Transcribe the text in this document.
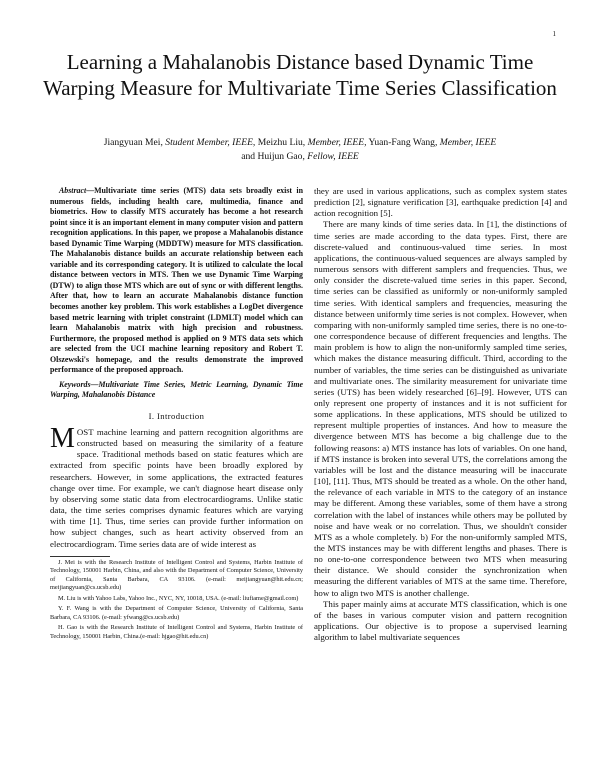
1
Learning a Mahalanobis Distance based Dynamic Time Warping Measure for Multivariate Time Series Classification
Jiangyuan Mei, Student Member, IEEE, Meizhu Liu, Member, IEEE, Yuan-Fang Wang, Member, IEEE
and Huijun Gao, Fellow, IEEE

Abstract—Multivariate time series (MTS) data sets broadly exist in numerous fields, including health care, multimedia, finance and biometrics. How to classify MTS accurately has become a hot research point since it is an important element in many computer vision and pattern recognition applications. In this paper, we propose a Mahalanobis distance based Dynamic Time Warping (MDDTW) measure for MTS classification. The Mahalanobis distance builds an accurate relationship between each variable and its corresponding category. It is utilized to calculate the local distance between vectors in MTS. Then we use Dynamic Time Warping (DTW) to align those MTS which are out of sync or with different lengths. After that, how to learn an accurate Mahalanobis distance function becomes another key problem. This work establishes a LogDet divergence based metric learning with triplet constraint (LDMLT) model which can learn Mahalanobis matrix with high precision and robustness. Furthermore, the proposed method is applied on 9 MTS data sets which are selected from the UCI machine learning repository and Robert T. Olszewski's homepage, and the results demonstrate the improved performance of the proposed approach.

Keywords—Multivariate Time Series, Metric Learning, Dynamic Time Warping, Mahalanobis Distance

I. Introduction

MOST machine learning and pattern recognition algorithms are constructed based on measuring the similarity of a feature space. Traditional methods based on static features which are extracted from specific points have been broadly explored by researchers. However, in some applications, the extracted features change over time. For example, we can't diagnose heart disease only by observing some static data from electrocardiograms. Unlike static data, the time series comprises dynamic features which are varying with time [1]. Thus, time series can provide further information on how subject changes, such as heart activity observed from an electrocardiogram. Time series data are of wide interest as

J. Mei is with the Research Institute of Intelligent Control and Systems, Harbin Institute of Technology, 150001 Harbin, China, and also with the Department of Computer Science, University of California, Santa Barbara, CA 93106. (e-mail: meijiangyuan@hit.edu.cn; meijiangyuan@cs.ucsb.edu)

M. Liu is with Yahoo Labs, Yahoo Inc., NYC, NY, 10018, USA. (e-mail: liufiame@gmail.com)

Y. F. Wang is with the Department of Computer Science, University of California, Santa Barbara, CA 93106. (e-mail: yfwang@cs.ucsb.edu)

H. Gao is with the Research Institute of Intelligent Control and Systems, Harbin Institute of Technology, 150001 Harbin, China.(e-mail: hjgao@hit.edu.cn)

they are used in various applications, such as complex system states prediction [2], signature verification [3], earthquake prediction [4] and action recognition [5].

There are many kinds of time series data. In [1], the distinctions of time series are made according to the data types. First, there are discrete-valued and continuous-valued time series. In most applications, the continuous-valued sequences are always sampled by numerous sensors with different samplers and frequencies. Thus, we only consider the discrete-valued time series in this paper. Second, time series can be classified as uniformly or non-uniformly sampled time series. With identical samplers and frequencies, measuring the distance between uniformly time series is not complex. However, when comparing with non-uniformly sampled time series, there is no one-to-one correspondence because of different frequencies and lengths. The main problem is how to align the non-uniformly sampled time series, which makes the distance measuring difficult. Third, according to the number of variables, the time series can be distinguished as univariate and multivariate ones. The similarity measurement for univariate time series (UTS) has been widely researched [6]–[9]. However, UTS can only represent one property of instances and it is not sufficient for some applications. In these applications, MTS should be utilized to represent multiple properties of instances. And how to measure the divergence between MTS has become a big challenge due to the following reasons: a) MTS instance has lots of variables. On one hand, if MTS instance is broken into several UTS, the correlations among the variables will be lost and the distance measuring will be inaccurate [10], [11]. Thus, MTS should be treated as a whole. On the other hand, the relevance of each variable in MTS to the category of an instance may be different. Among these variables, some of them have a strong correlation with the label of instances while others may be polluted by noise and have weak or no correlation. Thus, we shouldn't consider MTS as a whole completely. b) For the non-uniformly sampled MTS, the MTS instances may be with different lengths and phases. There is no one-to-one correspondence between two MTS when measuring their distance. We should consider the synchronization when measuring the different variables of MTS at the same time. Therefore, how to align two MTS is another challenge.

This paper mainly aims at accurate MTS classification, which is one of the bases in various computer vision and pattern recognition applications. Our objective is to propose a supervised learning algorithm to label multivariate sequences
